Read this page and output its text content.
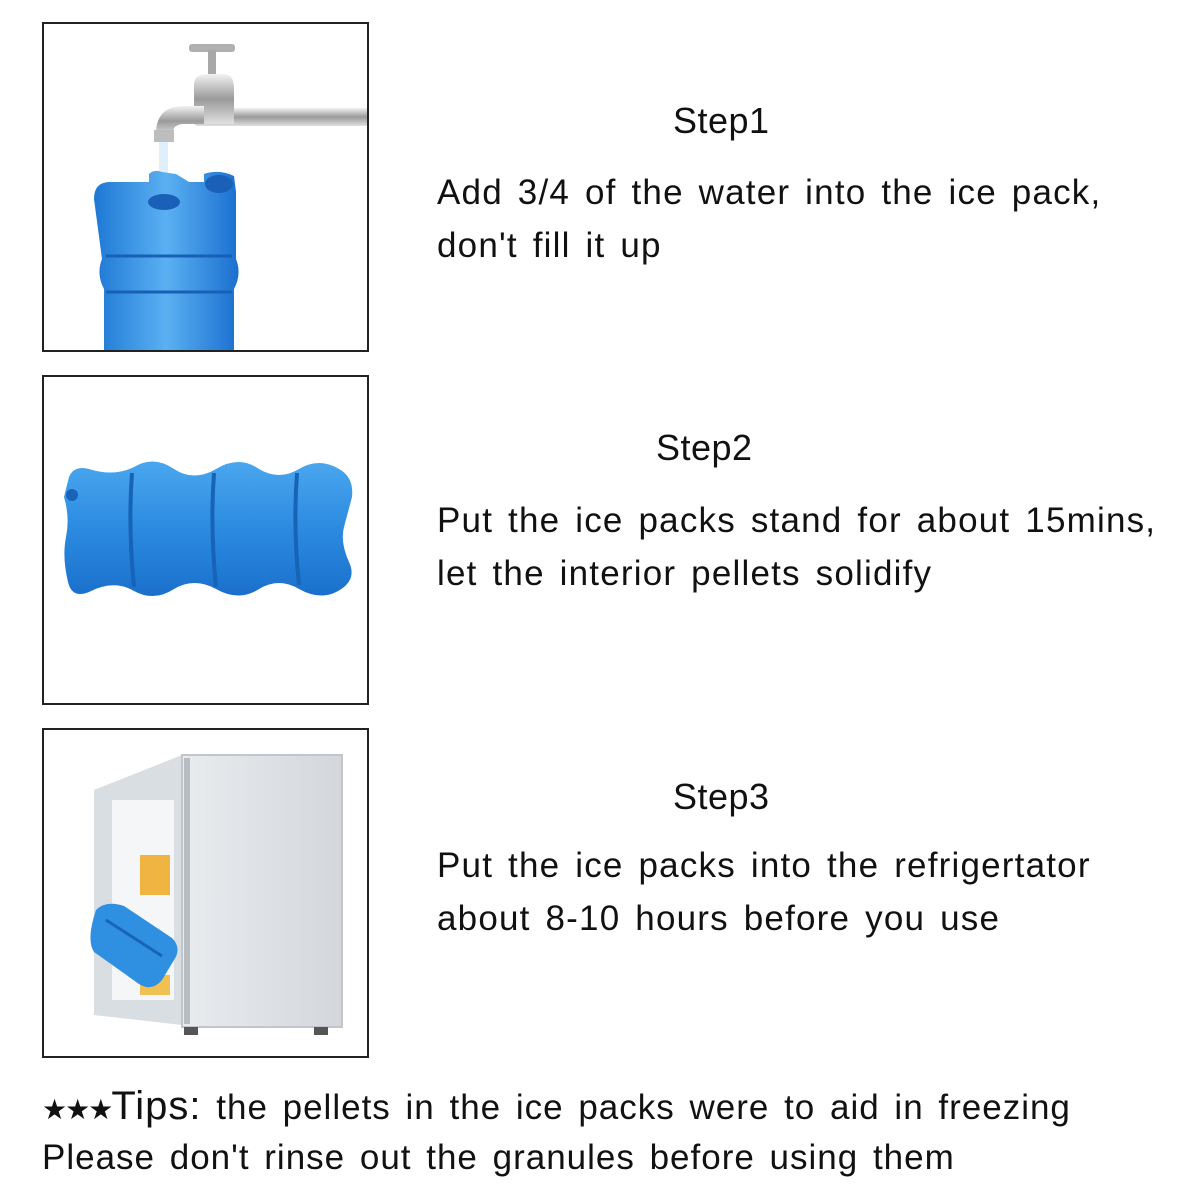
Step1
Add 3/4 of the water into the ice pack, don't fill it up
Step2
Put the ice packs stand for about 15mins, let the interior pellets solidify
Step3
Put the ice packs into the refrigertator about 8-10 hours before you use
★★★Tips: the pellets in the ice packs were to aid in freezing
Please don't rinse out the granules before using them
